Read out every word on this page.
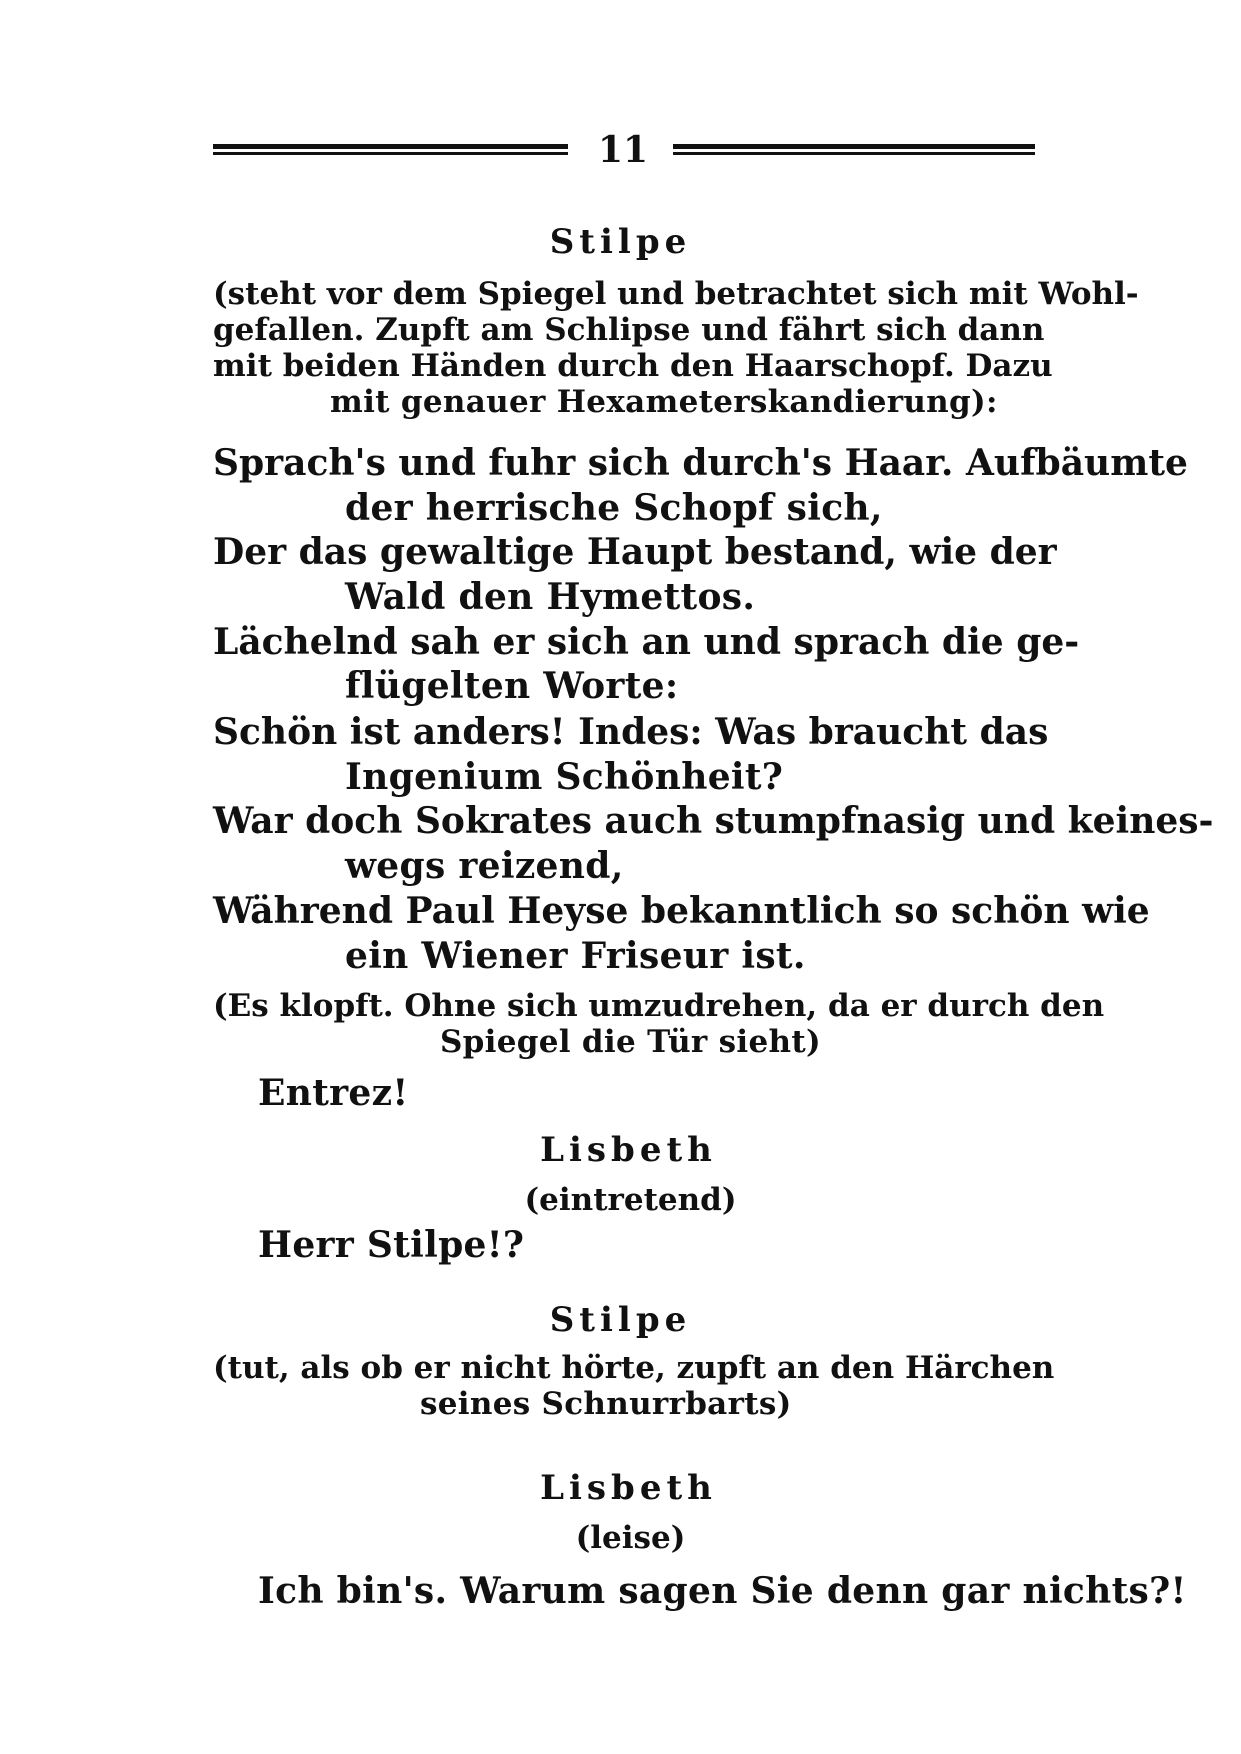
11
Stilpe
(steht vor dem Spiegel und betrachtet sich mit Wohl-
gefallen. Zupft am Schlipse und fährt sich dann
mit beiden Händen durch den Haarschopf. Dazu
mit genauer Hexameterskandierung):
Sprach's und fuhr sich durch's Haar. Aufbäumte
der herrische Schopf sich,
Der das gewaltige Haupt bestand, wie der
Wald den Hymettos.
Lächelnd sah er sich an und sprach die ge-
flügelten Worte:
Schön ist anders! Indes: Was braucht das
Ingenium Schönheit?
War doch Sokrates auch stumpfnasig und keines-
wegs reizend,
Während Paul Heyse bekanntlich so schön wie
ein Wiener Friseur ist.
(Es klopft. Ohne sich umzudrehen, da er durch den
Spiegel die Tür sieht)
Entrez!
Lisbeth
(eintretend)
Herr Stilpe!?
Stilpe
(tut, als ob er nicht hörte, zupft an den Härchen
seines Schnurrbarts)
Lisbeth
(leise)
Ich bin's. Warum sagen Sie denn gar nichts?!
